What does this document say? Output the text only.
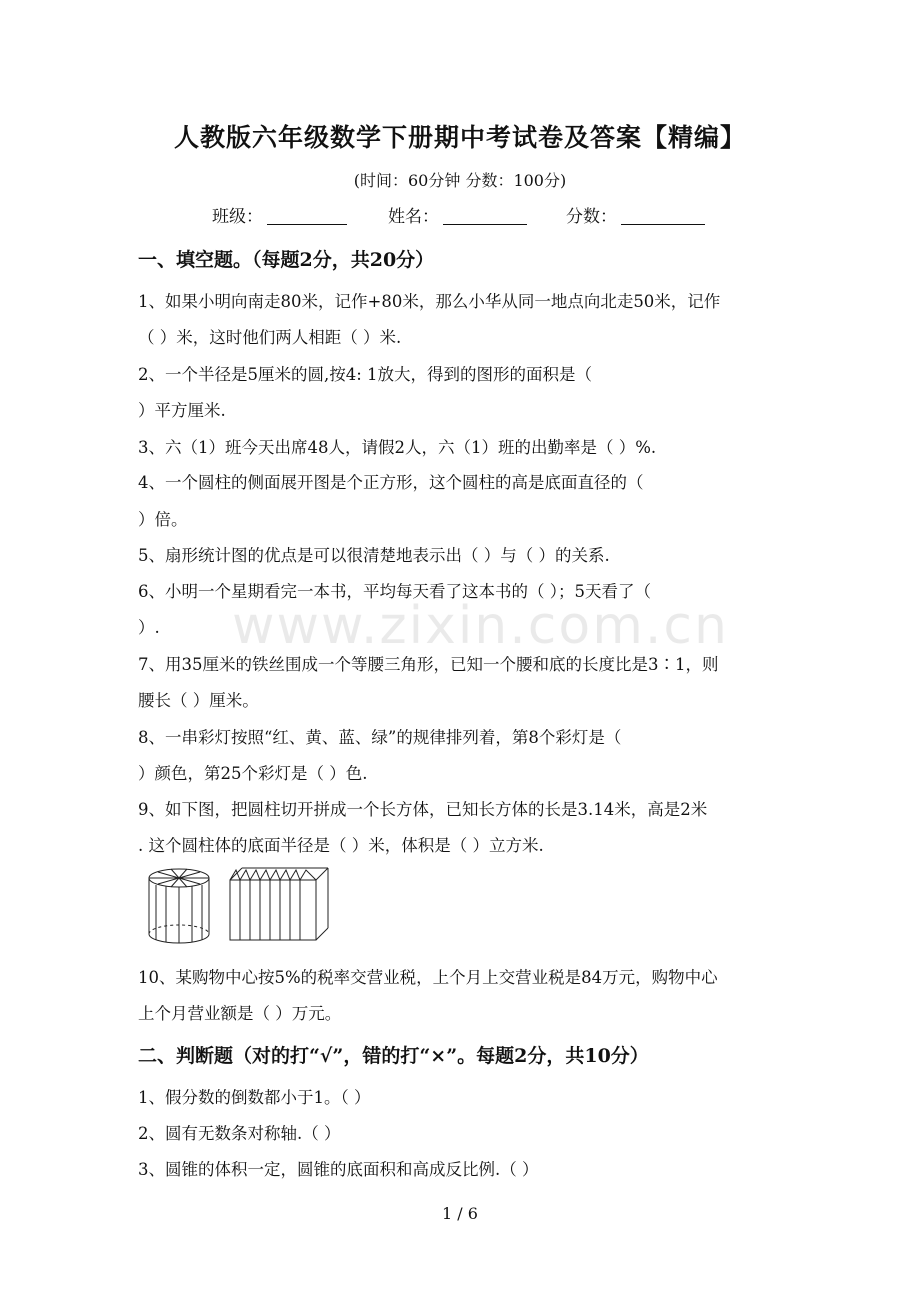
www.zixin.com.cn
人教版六年级数学下册期中考试卷及答案【精编】
(时间：60分钟 分数：100分)
班级：	姓名：	分数：
一、填空题。（每题2分，共20分）
1、如果小明向南走80米，记作+80米，那么小华从同一地点向北走50米，记作
（ ）米，这时他们两人相距（ ）米.
2、一个半径是5厘米的圆,按4: 1放大，得到的图形的面积是（
）平方厘米.
3、六（1）班今天出席48人，请假2人，六（1）班的出勤率是（ ）%.
4、一个圆柱的侧面展开图是个正方形，这个圆柱的高是底面直径的（
）倍。
5、扇形统计图的优点是可以很清楚地表示出（ ）与（ ）的关系.
6、小明一个星期看完一本书，平均每天看了这本书的（ ）；5天看了（
）.
7、用35厘米的铁丝围成一个等腰三角形，已知一个腰和底的长度比是3∶1，则
腰长（ ）厘米。
8、一串彩灯按照“红、黄、蓝、绿”的规律排列着，第8个彩灯是（
）颜色，第25个彩灯是（ ）色.
9、如下图，把圆柱切开拼成一个长方体，已知长方体的长是3.14米，高是2米
. 这个圆柱体的底面半径是（ ）米，体积是（ ）立方米.
10、某购物中心按5%的税率交营业税，上个月上交营业税是84万元，购物中心
上个月营业额是（ ）万元。
二、判断题（对的打“√”，错的打“×”。每题2分，共10分）
1、假分数的倒数都小于1。（ ）
2、圆有无数条对称轴.（ ）
3、圆锥的体积一定，圆锥的底面积和高成反比例.（ ）
1 / 6
